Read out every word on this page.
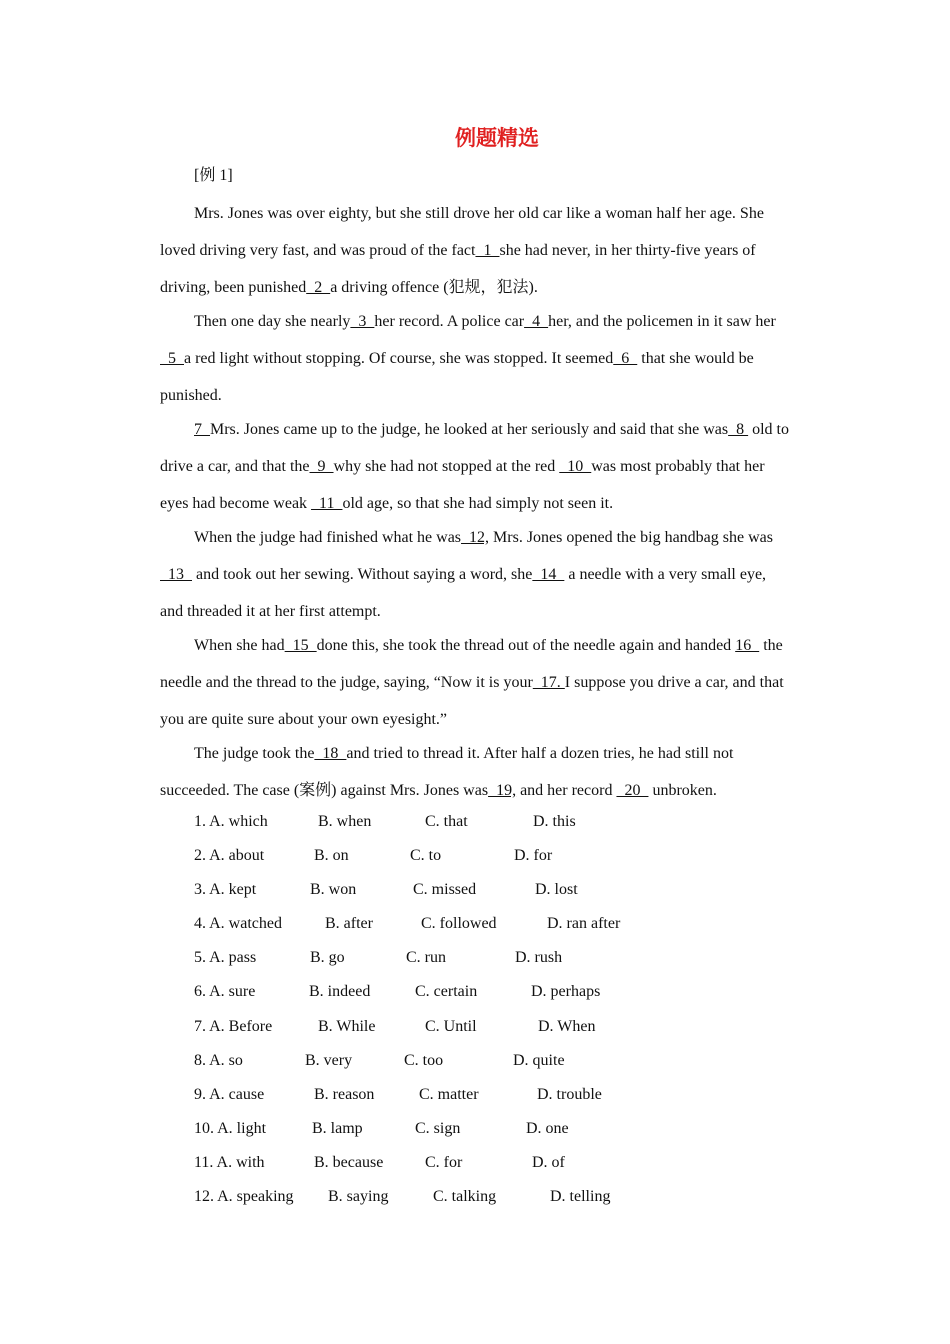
例题精选
[例 1]

Mrs. Jones was over eighty, but she still drove her old car like a woman half her age. She loved driving very fast, and was proud of the fact  1  she had never, in her thirty-five years of driving, been punished  2  a driving offence (犯规，犯法).

Then one day she nearly  3  her record. A police car  4  her, and the policemen in it saw her  5  a red light without stopping. Of course, she was stopped. It seemed  6   that she would be punished.

7  Mrs. Jones came up to the judge, he looked at her seriously and said that she was  8  old to drive a car, and that the  9  why she had not stopped at the red   10  was most probably that her eyes had become weak   11  old age, so that she had simply not seen it.

When the judge had finished what he was  12, Mrs. Jones opened the big handbag she was  13   and took out her sewing. Without saying a word, she  14   a needle with a very small eye, and threaded it at her first attempt.

When she had  15  done this, she took the thread out of the needle again and handed 16   the needle and the thread to the judge, saying, “Now it is your  17. I suppose you drive a car, and that you are quite sure about your own eyesight.”

The judge took the  18  and tried to thread it. After half a dozen tries, he had still not succeeded. The case (案例) against Mrs. Jones was  19, and her record   20   unbroken.

1. A. which	B. when	C. that	D. this
2. A. about	B. on	C. to	D. for
3. A. kept	B. won	C. missed	D. lost
4. A. watched	B. after	C. followed	D. ran after
5. A. pass	B. go	C. run	D. rush
6. A. sure	B. indeed	C. certain	D. perhaps
7. A. Before	B. While	C. Until	D. When
8. A. so	B. very	C. too	D. quite
9. A. cause	B. reason	C. matter	D. trouble
10. A. light	B. lamp	C. sign	D. one
11. A. with	B. because	C. for	D. of
12. A. speaking B. saying	C. talking	D. telling
